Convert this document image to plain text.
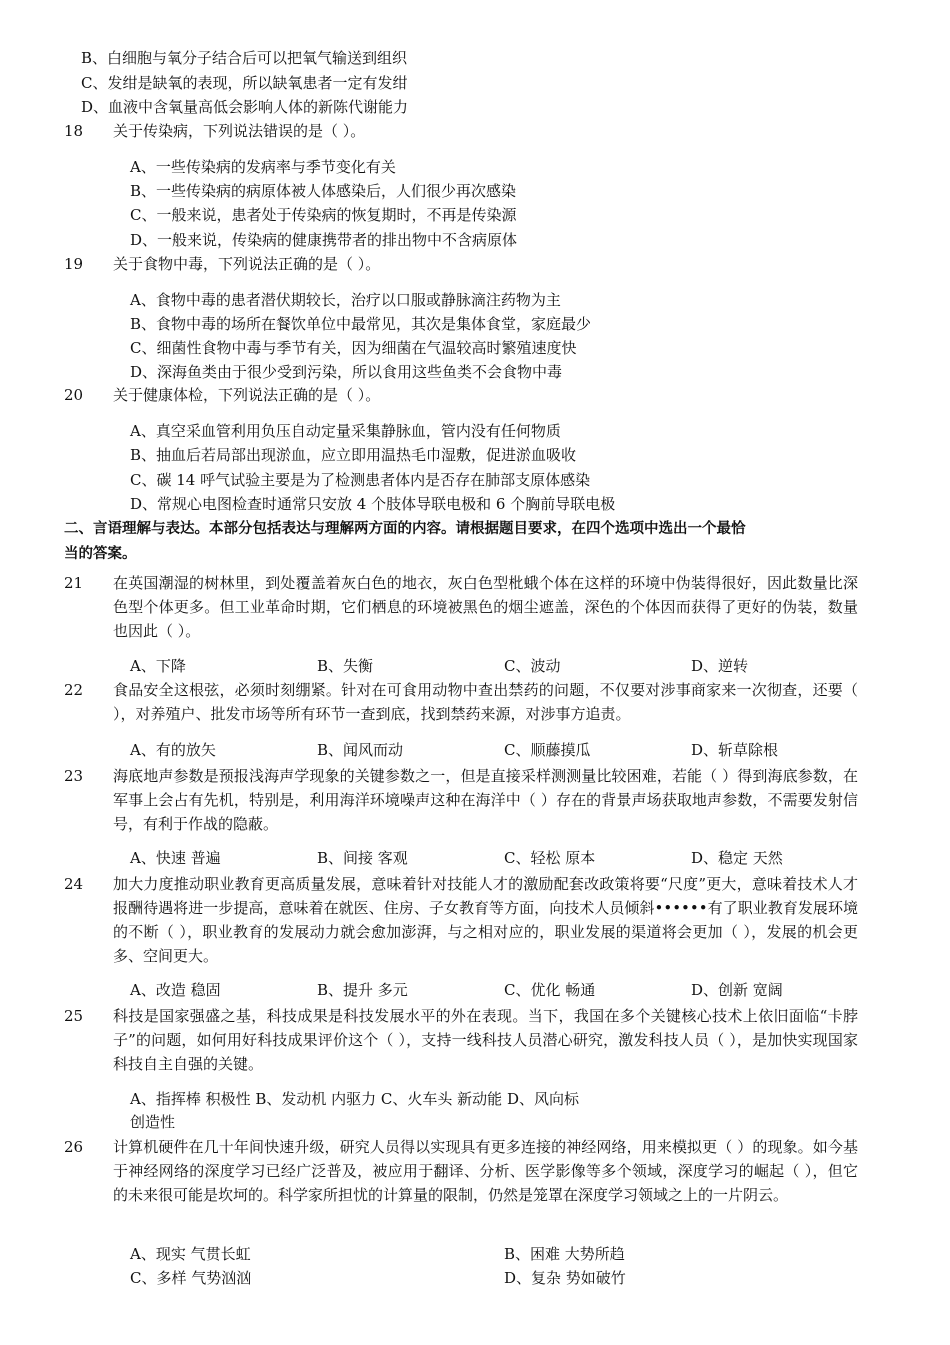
B、白细胞与氧分子结合后可以把氧气输送到组织
C、发绀是缺氧的表现，所以缺氧患者一定有发绀
D、血液中含氧量高低会影响人体的新陈代谢能力
18 关于传染病，下列说法错误的是（ ）。
A、一些传染病的发病率与季节变化有关
B、一些传染病的病原体被人体感染后，人们很少再次感染
C、一般来说，患者处于传染病的恢复期时，不再是传染源
D、一般来说，传染病的健康携带者的排出物中不含病原体
19 关于食物中毒，下列说法正确的是（ ）。
A、食物中毒的患者潜伏期较长，治疗以口服或静脉滴注药物为主
B、食物中毒的场所在餐饮单位中最常见，其次是集体食堂，家庭最少
C、细菌性食物中毒与季节有关，因为细菌在气温较高时繁殖速度快
D、深海鱼类由于很少受到污染，所以食用这些鱼类不会食物中毒
20 关于健康体检，下列说法正确的是（ ）。
A、真空采血管利用负压自动定量采集静脉血，管内没有任何物质
B、抽血后若局部出现淤血，应立即用温热毛巾湿敷，促进淤血吸收
C、碳 14 呼气试验主要是为了检测患者体内是否存在肺部支原体感染
D、常规心电图检查时通常只安放 4 个肢体导联电极和 6 个胸前导联电极
二、言语理解与表达。本部分包括表达与理解两方面的内容。请根据题目要求，在四个选项中选出一个最恰
当的答案。
21 在英国潮湿的树林里，到处覆盖着灰白色的地衣，灰白色型枇蛾个体在这样的环境中伪装得很好，因此数量比深色型个体更多。但工业革命时期，它们栖息的环境被黑色的烟尘遮盖，深色的个体因而获得了更好的伪装，数量也因此（ ）。
A、下降	B、失衡	C、波动	D、逆转
22 食品安全这根弦，必须时刻绷紧。针对在可食用动物中查出禁药的问题，不仅要对涉事商家来一次彻查，还要（ ），对养殖户、批发市场等所有环节一查到底，找到禁药来源，对涉事方追责。
A、有的放矢	B、闻风而动	C、顺藤摸瓜	D、斩草除根
23 海底地声参数是预报浅海声学现象的关键参数之一，但是直接采样测测量比较困难，若能（ ）得到海底参数，在军事上会占有先机，特别是，利用海洋环境噪声这种在海洋中（ ）存在的背景声场获取地声参数，不需要发射信号，有利于作战的隐蔽。
A、快速 普遍	B、间接 客观	C、轻松 原本	D、稳定 天然
24 加大力度推动职业教育更高质量发展，意味着针对技能人才的激励配套改政策将要“尺度”更大，意味着技术人才报酬待遇将进一步提高，意味着在就医、住房、子女教育等方面，向技术人员倾斜••••••有了职业教育发展环境的不断（ ），职业教育的发展动力就会愈加澎湃，与之相对应的，职业发展的渠道将会更加（ ），发展的机会更多、空间更大。
A、改造 稳固	B、提升 多元	C、优化 畅通	D、创新 宽阔
25 科技是国家强盛之基，科技成果是科技发展水平的外在表现。当下，我国在多个关键核心技术上依旧面临“卡脖子”的问题，如何用好科技成果评价这个（ ），支持一线科技人员潜心研究，激发科技人员（ ），是加快实现国家科技自主自强的关键。
A、指挥棒 积极性 B、发动机 内驱力 C、火车头 新动能 D、风向标
创造性
26 计算机硬件在几十年间快速升级，研究人员得以实现具有更多连接的神经网络，用来模拟更（ ）的现象。如今基于神经网络的深度学习已经广泛普及，被应用于翻译、分析、医学影像等多个领域，深度学习的崛起（ ），但它的未来很可能是坎坷的。科学家所担忧的计算量的限制，仍然是笼罩在深度学习领域之上的一片阴云。
A、现实 气贯长虹	B、困难 大势所趋
C、多样 气势汹汹	D、复杂 势如破竹
